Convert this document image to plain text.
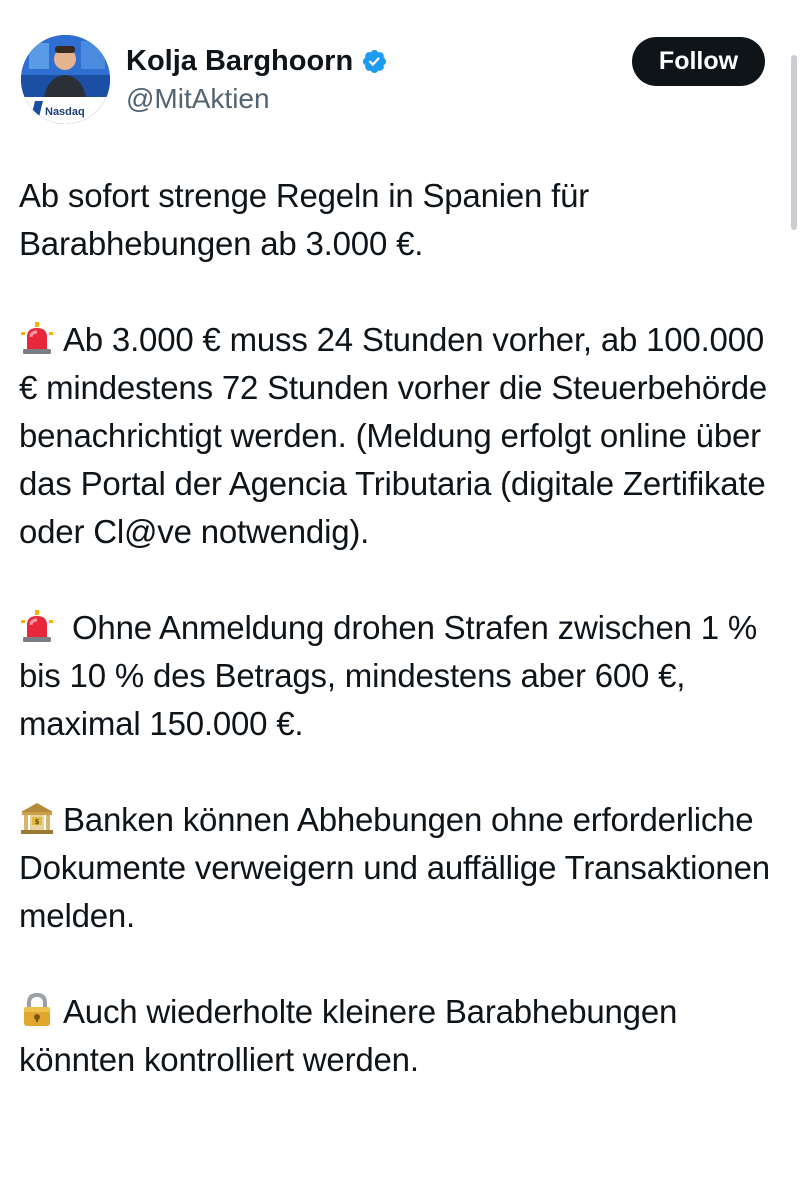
Nasdaq
Kolja Barghoorn
@MitAktien
Follow

Ab sofort strenge Regeln in Spanien für Barabhebungen ab 3.000 €.

Ab 3.000 € muss 24 Stunden vorher, ab 100.000 € mindestens 72 Stunden vorher die Steuerbehörde benachrichtigt werden. (Meldung erfolgt online über das Portal der Agencia Tributaria (digitale Zertifikate oder Cl@ve notwendig).

Ohne Anmeldung drohen Strafen zwischen 1 % bis 10 % des Betrags, mindestens aber 600 €, maximal 150.000 €.

$ Banken können Abhebungen ohne erforderliche Dokumente verweigern und auffällige Transaktionen melden.

Auch wiederholte kleinere Barabhebungen könnten kontrolliert werden.
